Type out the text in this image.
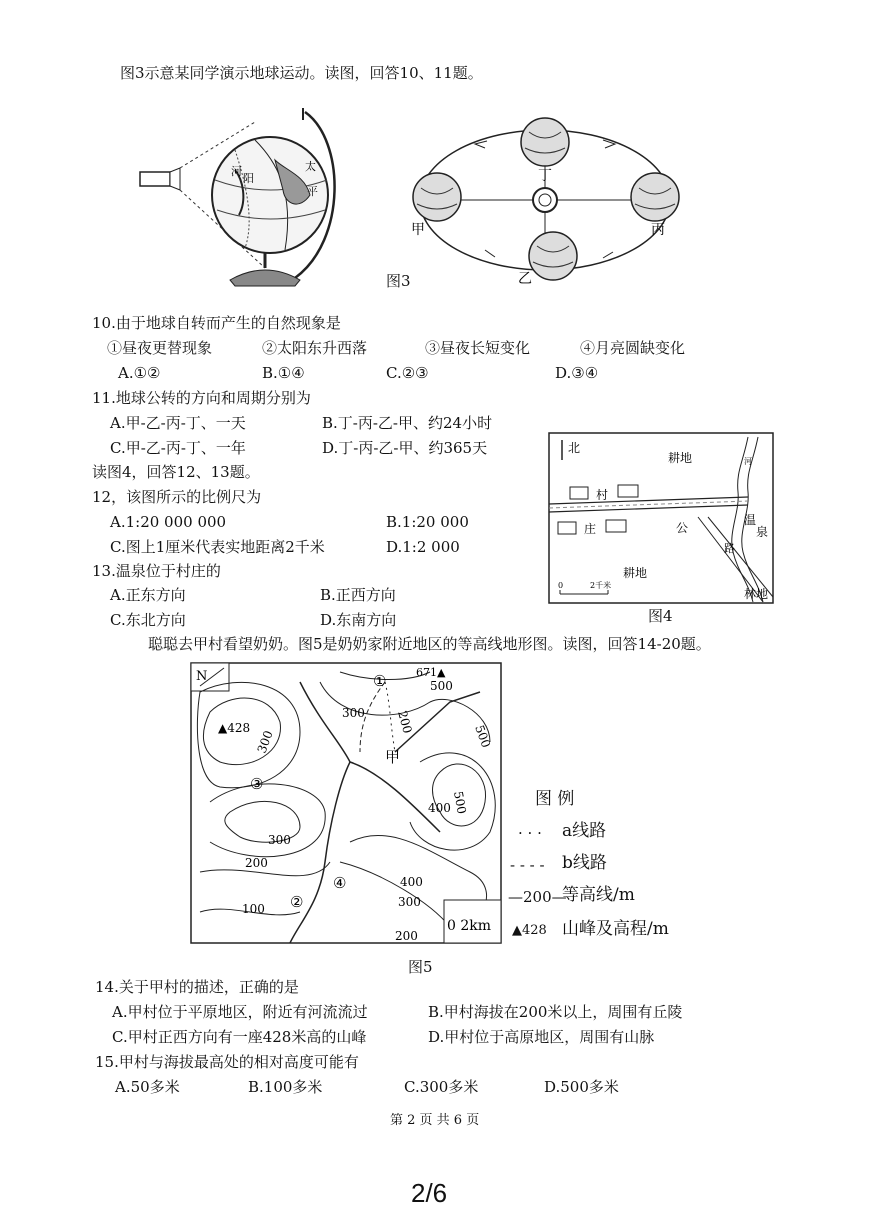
图3示意某同学演示地球运动。读图，回答10、11题。
河	太
平
阳	丁
甲	丙
乙
图3
10.由于地球自转而产生的自然现象是
①昼夜更替现象	②太阳东升西落	③昼夜长短变化	④月亮圆缺变化
A.①②	B.①④	C.②③	D.③④
11.地球公转的方向和周期分别为
A.甲-乙-丙-丁、一天	B.丁-丙-乙-甲、约24小时
C.甲-乙-丙-丁、一年	D.丁-丙-乙-甲、约365天
读图4，回答12、13题。
12，该图所示的比例尺为
A.1:20 000 000	B.1:20 000
C.图上1厘米代表实地距离2千米	D.1:2 000
13.温泉位于村庄的
A.正东方向	B.正西方向
C.东北方向	D.东南方向
北
耕地	河
村
庄	公
路
温
泉
耕地
林地
0	2千米
图4
聪聪去甲村看望奶奶。图5是奶奶家附近地区的等高线地形图。读图，回答14-20题。
N
▲428
300
300
200
100
300
500
500
500
400
400
300
200
200
甲
671▲
①
②
③
④
0 2km
图 例
· · · a线路
- - - - b线路
—200—
等高线/m
▲428 山峰及高程/m
图5
14.关于甲村的描述，正确的是
A.甲村位于平原地区，附近有河流流过	B.甲村海拔在200米以上，周围有丘陵
C.甲村正西方向有一座428米高的山峰	D.甲村位于高原地区，周围有山脉
15.甲村与海拔最高处的相对高度可能有
A.50多米	B.100多米	C.300多米	D.500多米
第 2 页 共 6 页
2/6
